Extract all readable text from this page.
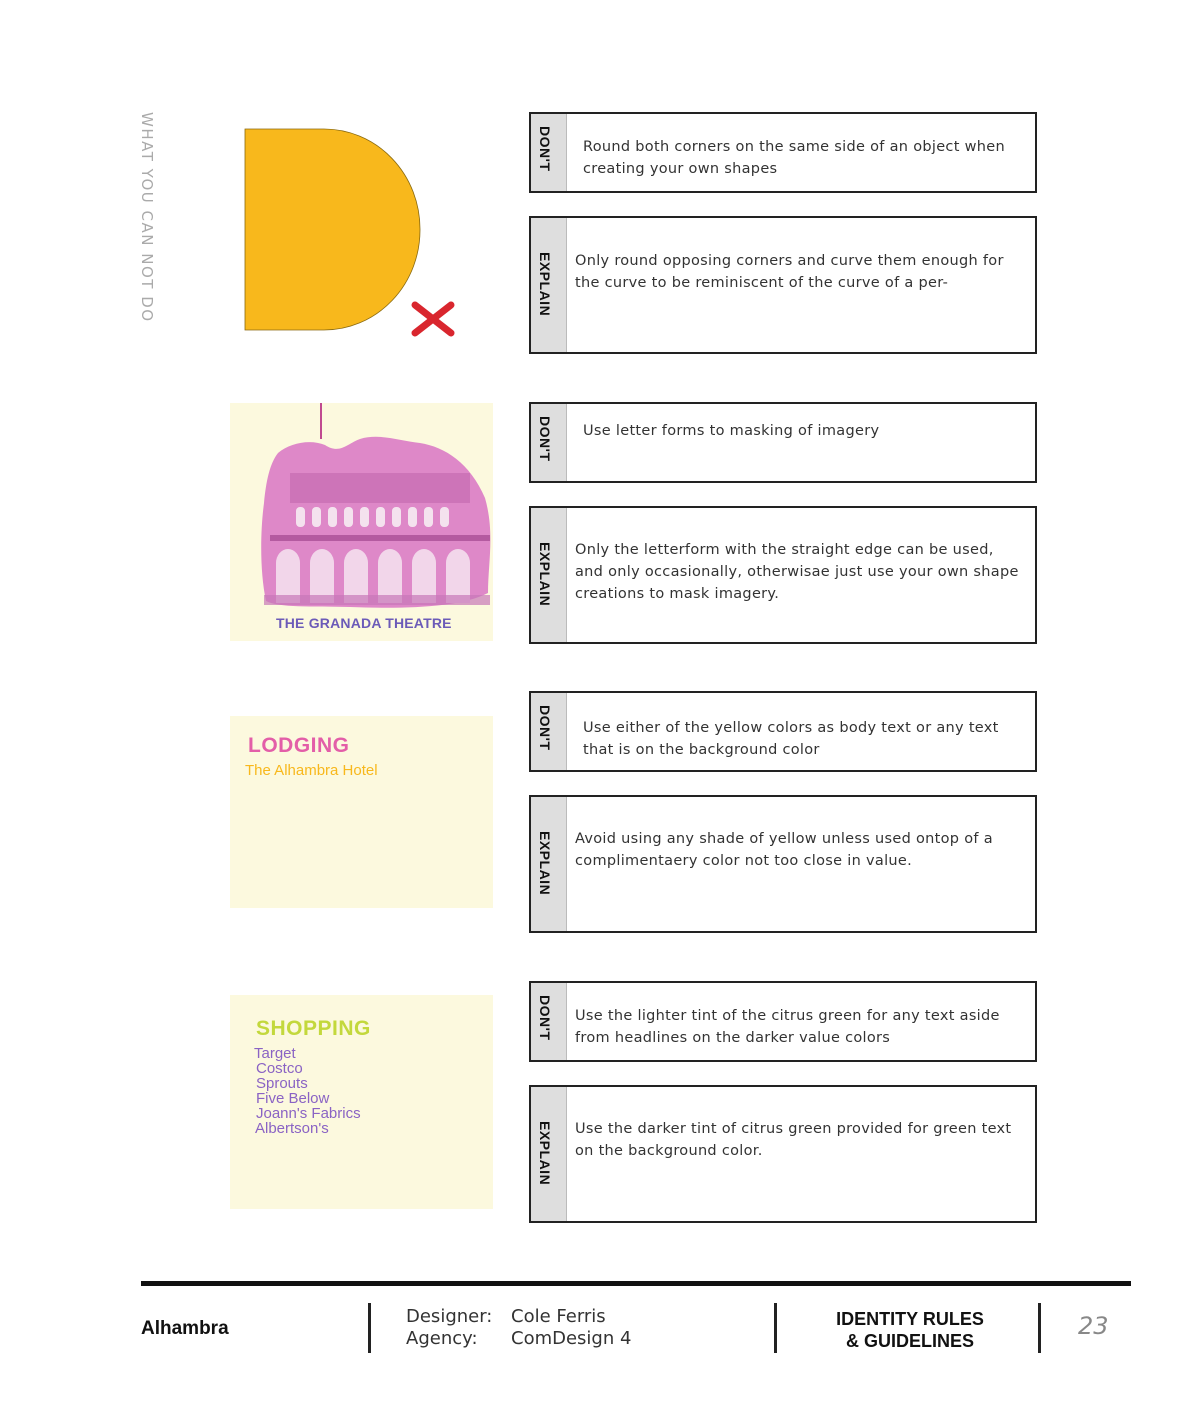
WHAT YOU CAN NOT DO
THE GRANADA THEATRE
LODGING
The Alhambra Hotel
SHOPPING
Target
Costco
Sprouts
Five Below
Joann's Fabrics
Albertson's
DON'T Round both corners on the same side of an object when creating your own shapes
EXPLAIN Only round opposing corners and curve them enough for the curve to be reminiscent of the curve of a per-
DON'T Use letter forms to masking of imagery
EXPLAIN Only the letterform with the straight edge can be used, and only occasionally, otherwisae just use your own shape creations to mask imagery.
DON'T Use either of the yellow colors as body text or any text that is on the background color
EXPLAIN Avoid using any shade of yellow unless used ontop of a complimentaery color not too close in value.
DON'T Use the lighter tint of the citrus green for any text aside from headlines on the darker value colors
EXPLAIN Use the darker tint of citrus green provided for green text on the background color.
Alhambra
Designer:	Cole Ferris
Agency:	ComDesign 4
IDENTITY RULES
& GUIDELINES
23
